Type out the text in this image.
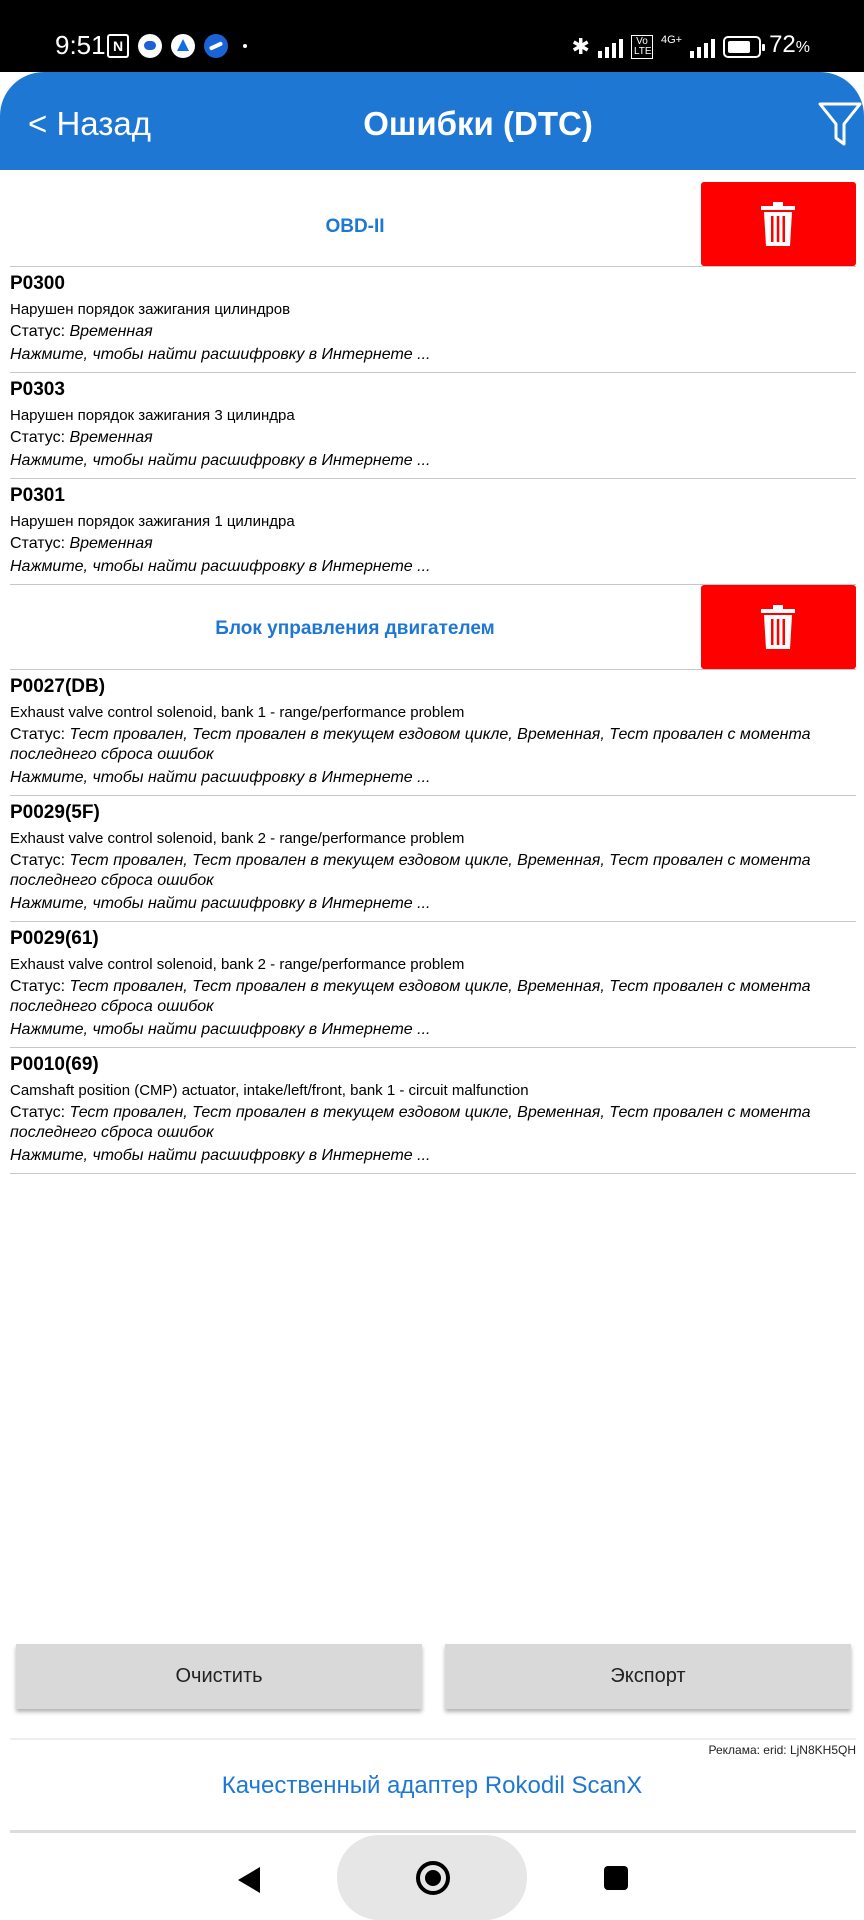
9:51 N	✱	Vo LTE
4G+	72%
< Назад	Ошибки (DTC)
OBD-II
P0300
Нарушен порядок зажигания цилиндров
Статус: Временная
Нажмите, чтобы найти расшифровку в Интернете ...
P0303
Нарушен порядок зажигания 3 цилиндра
Статус: Временная
Нажмите, чтобы найти расшифровку в Интернете ...
P0301
Нарушен порядок зажигания 1 цилиндра
Статус: Временная
Нажмите, чтобы найти расшифровку в Интернете ...
Блок управления двигателем
P0027(DB)
Exhaust valve control solenoid, bank 1 - range/performance problem
Статус: Тест провален, Тест провален в текущем ездовом цикле, Временная, Тест провален с момента последнего сброса ошибок
Нажмите, чтобы найти расшифровку в Интернете ...
P0029(5F)
Exhaust valve control solenoid, bank 2 - range/performance problem
Статус: Тест провален, Тест провален в текущем ездовом цикле, Временная, Тест провален с момента последнего сброса ошибок
Нажмите, чтобы найти расшифровку в Интернете ...
P0029(61)
Exhaust valve control solenoid, bank 2 - range/performance problem
Статус: Тест провален, Тест провален в текущем ездовом цикле, Временная, Тест провален с момента последнего сброса ошибок
Нажмите, чтобы найти расшифровку в Интернете ...
P0010(69)
Camshaft position (CMP) actuator, intake/left/front, bank 1 - circuit malfunction
Статус: Тест провален, Тест провален в текущем ездовом цикле, Временная, Тест провален с момента последнего сброса ошибок
Нажмите, чтобы найти расшифровку в Интернете ...
Очистить	Экспорт
Реклама: erid: LjN8KH5QH
Качественный адаптер Rokodil ScanX
